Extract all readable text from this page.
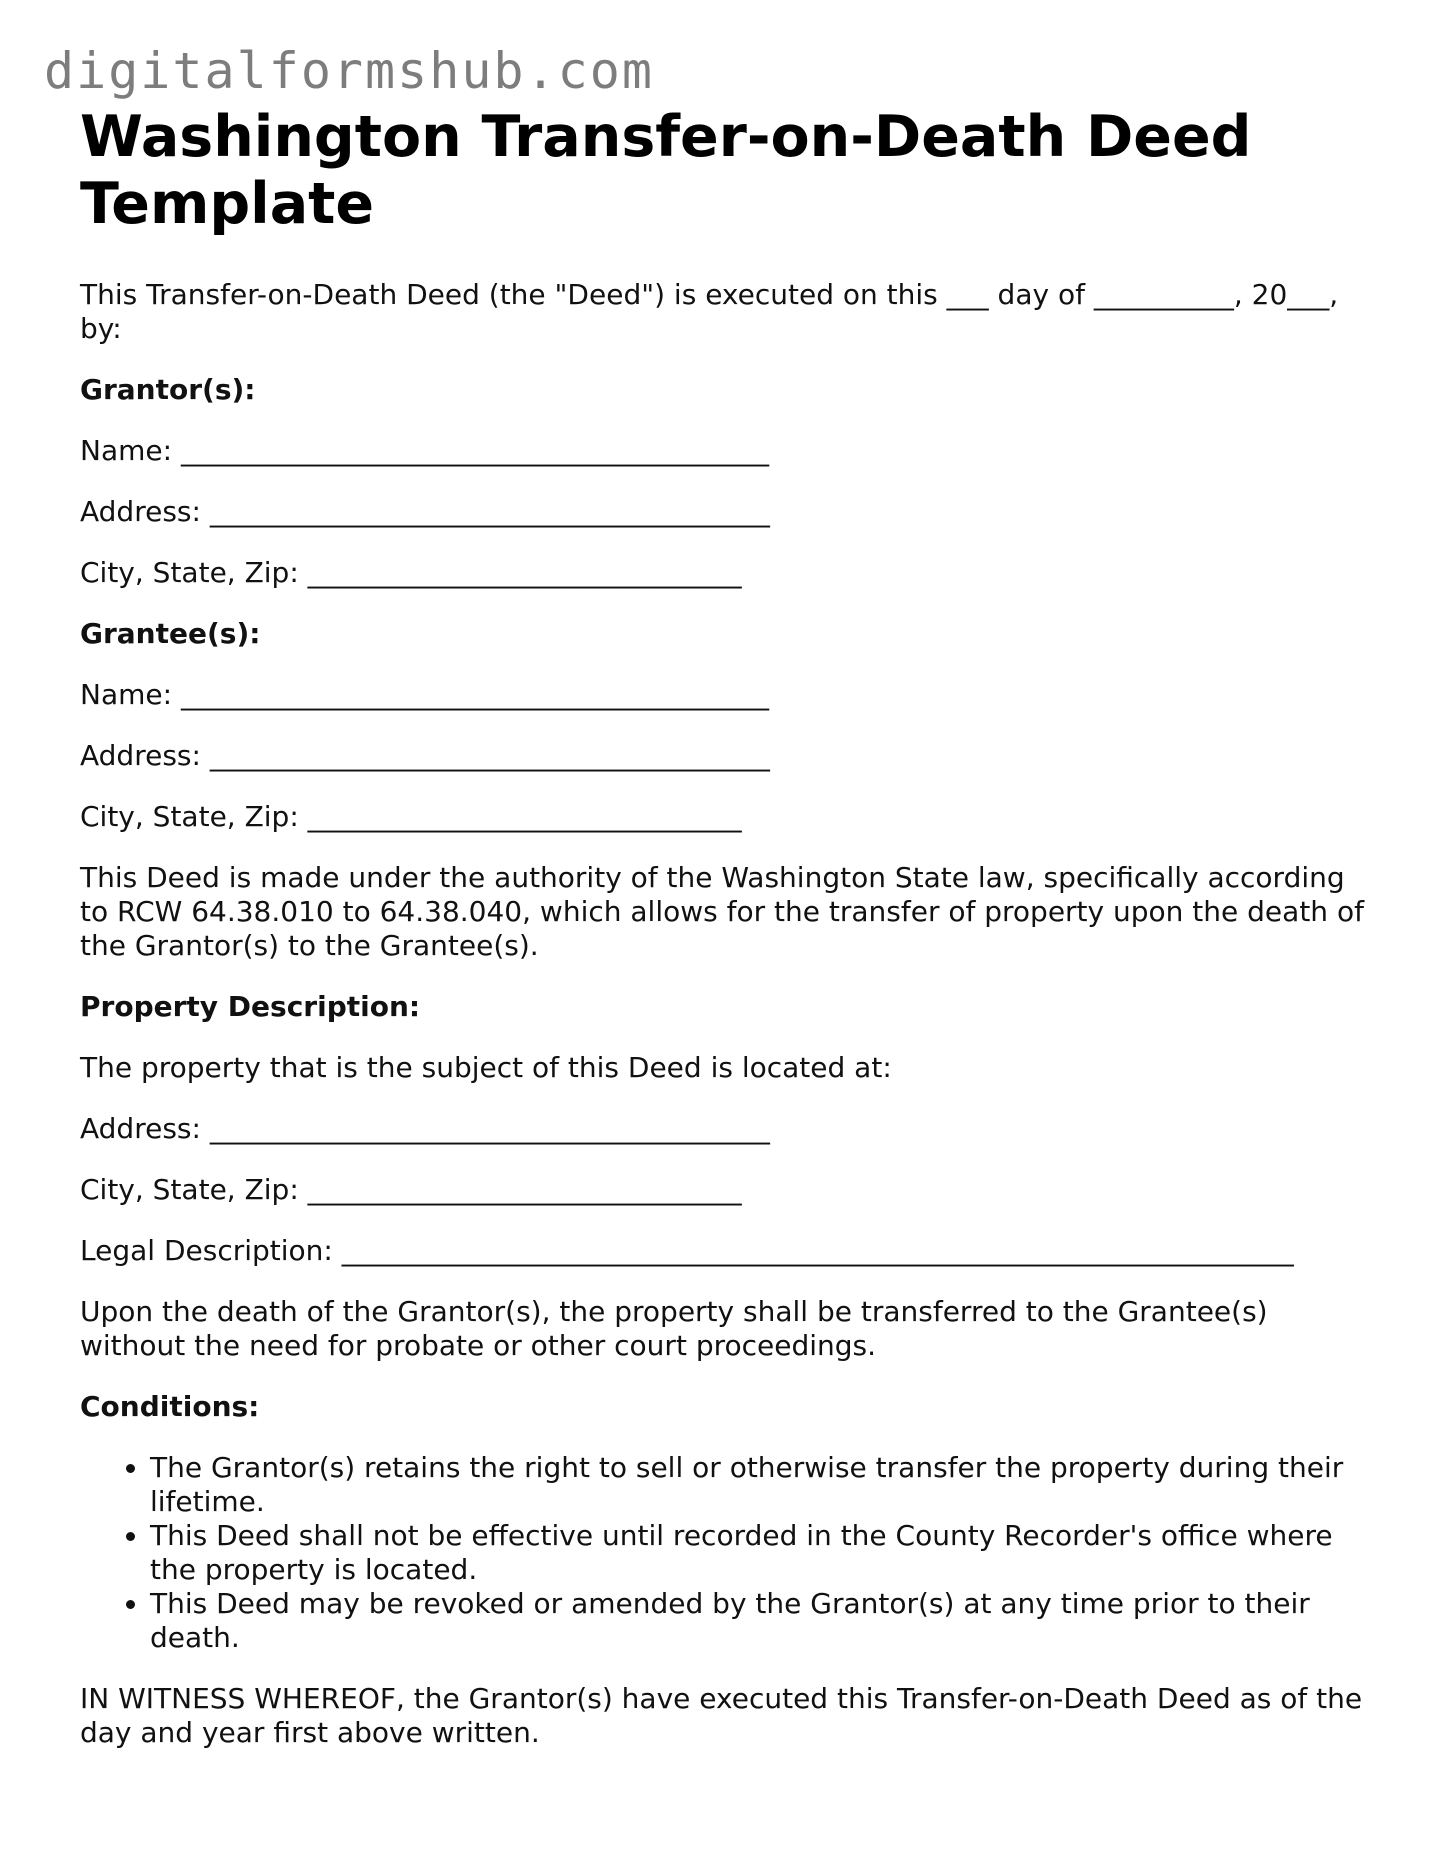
digitalformshub.com
Washington Transfer-on-Death Deed Template

This Transfer-on-Death Deed (the "Deed") is executed on this ___ day of __________, 20___, by:

Grantor(s):

Name: __________________________________________

Address: ________________________________________

City, State, Zip: _______________________________

Grantee(s):

Name: __________________________________________

Address: ________________________________________

City, State, Zip: _______________________________

This Deed is made under the authority of the Washington State law, specifically according to RCW 64.38.010 to 64.38.040, which allows for the transfer of property upon the death of the Grantor(s) to the Grantee(s).

Property Description:

The property that is the subject of this Deed is located at:

Address: ________________________________________

City, State, Zip: _______________________________

Legal Description: ____________________________________________________________________

Upon the death of the Grantor(s), the property shall be transferred to the Grantee(s) without the need for probate or other court proceedings.

Conditions:

• The Grantor(s) retains the right to sell or otherwise transfer the property during their lifetime.
• This Deed shall not be effective until recorded in the County Recorder's office where the property is located.
• This Deed may be revoked or amended by the Grantor(s) at any time prior to their death.

IN WITNESS WHEREOF, the Grantor(s) have executed this Transfer-on-Death Deed as of the day and year first above written.
